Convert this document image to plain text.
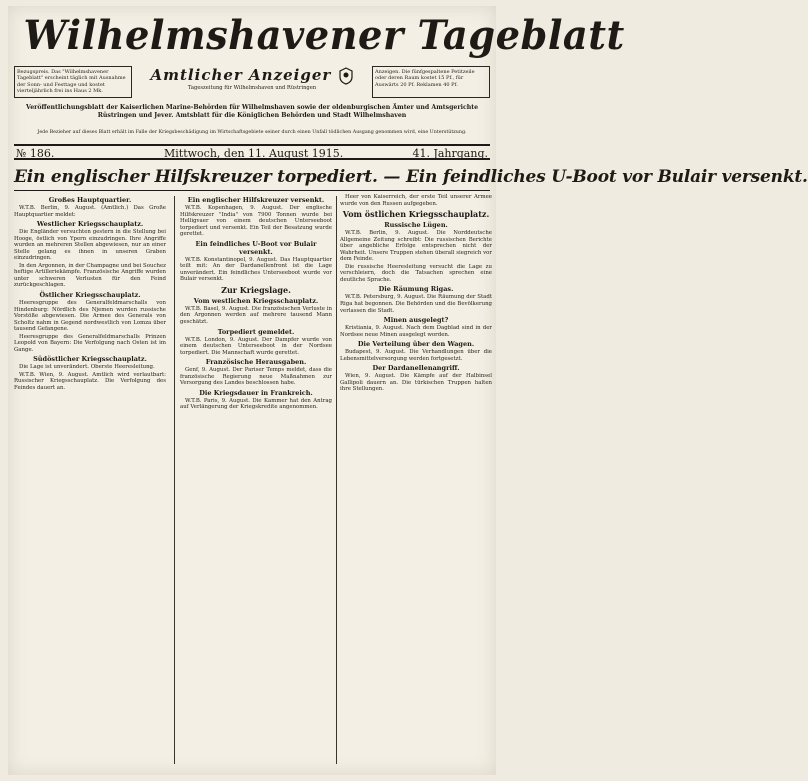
Wilhelmshavener Tageblatt
Bezugspreis. Das "Wilhelmshavener Tageblatt" erscheint täglich mit Ausnahme der Sonn- und Festtage und kostet vierteljährlich frei ins Haus 2 Mk.
Amtlicher Anzeiger
Tageszeitung für Wilhelmshaven und Rüstringen
Anzeigen. Die fünfgespaltene Petitzeile oder deren Raum kostet 15 Pf., für Auswärts 20 Pf. Reklamen 40 Pf.
Veröffentlichungsblatt der Kaiserlichen Marine-Behörden für Wilhelmshaven sowie der oldenburgischen Ämter und Amtsgerichte Rüstringen und Jever. Amtsblatt für die Königlichen Behörden und Stadt Wilhelmshaven
Jede Bezieher auf dieses Blatt erhält im Falle der Kriegsbeschädigung im Wirtschaftsgebiete seiner durch einen Unfall tödlichen Ausgang genommen wird, eine Unterstützung.
№ 186.	Mittwoch, den 11. August 1915.	41. Jahrgang.
Ein englischer Hilfskreuzer torpediert. — Ein feindliches U-Boot vor Bulair versenkt.

Großes Hauptquartier.

W.T.B. Berlin, 9. August. (Amtlich.) Das Große Hauptquartier meldet:

Westlicher Kriegsschauplatz.

Die Engländer versuchten gestern in die Stellung bei Hooge, östlich von Ypern einzudringen. Ihre Angriffe wurden an mehreren Stellen abgewiesen, nur an einer Stelle gelang es ihnen in unseren Graben einzudringen.

In den Argonnen, in der Champagne und bei Souchez heftige Artilleriekämpfe. Französische Angriffe wurden unter schweren Verlusten für den Feind zurückgeschlagen.

Östlicher Kriegsschauplatz.

Heeresgruppe des Generalfeldmarschalls von Hindenburg: Nördlich des Njemen wurden russische Vorstöße abgewiesen. Die Armee des Generals von Scholtz nahm in Gegend nordwestlich von Lomza über tausend Gefangene.

Heeresgruppe des Generalfeldmarschalls Prinzen Leopold von Bayern: Die Verfolgung nach Osten ist im Gange.

Südöstlicher Kriegsschauplatz.

Die Lage ist unverändert. Oberste Heeresleitung.

W.T.B. Wien, 9. August. Amtlich wird verlautbart: Russischer Kriegsschauplatz. Die Verfolgung des Feindes dauert an.

Ein englischer Hilfskreuzer versenkt.

W.T.B. Kopenhagen, 9. August. Der englische Hilfskreuzer "India" von 7900 Tonnen wurde bei Helligvaer von einem deutschen Unterseeboot torpediert und versenkt. Ein Teil der Besatzung wurde gerettet.

Ein feindliches U-Boot vor Bulair versenkt.

W.T.B. Konstantinopel, 9. August. Das Hauptquartier teilt mit: An der Dardanellenfront ist die Lage unverändert. Ein feindliches Unterseeboot wurde vor Bulair versenkt.

Zur Kriegslage.

Vom westlichen Kriegsschauplatz.

W.T.B. Basel, 9. August. Die französischen Verluste in den Argonnen werden auf mehrere tausend Mann geschätzt.

Torpediert gemeldet.

W.T.B. London, 9. August. Der Dampfer wurde von einem deutschen Unterseeboot in der Nordsee torpediert. Die Mannschaft wurde gerettet.

Französische Herausgaben.

Genf, 9. August. Der Pariser Temps meldet, dass die französische Regierung neue Maßnahmen zur Versorgung des Landes beschlossen habe.

Die Kriegsdauer in Frankreich.

W.T.B. Paris, 9. August. Die Kammer hat den Antrag auf Verlängerung der Kriegskredite angenommen.

Heer von Kaiserreich, der erste Teil unserer Armee wurde von den Russen aufgegeben.

Vom östlichen Kriegsschauplatz.

Russische Lügen.

W.T.B. Berlin, 9. August. Die Norddeutsche Allgemeine Zeitung schreibt: Die russischen Berichte über angebliche Erfolge entsprechen nicht der Wahrheit. Unsere Truppen stehen überall siegreich vor dem Feinde.

Die russische Heeresleitung versucht die Lage zu verschleiern, doch die Tatsachen sprechen eine deutliche Sprache.

Die Räumung Rigas.

W.T.B. Petersburg, 9. August. Die Räumung der Stadt Riga hat begonnen. Die Behörden und die Bevölkerung verlassen die Stadt.

Minen ausgelegt?

Kristiania, 9. August. Nach dem Dagblad sind in der Nordsee neue Minen ausgelegt worden.

Die Verteilung über den Wagen.

Budapest, 9. August. Die Verhandlungen über die Lebensmittelversorgung werden fortgesetzt.

Der Dardanellenangriff.

Wien, 9. August. Die Kämpfe auf der Halbinsel Gallipoli dauern an. Die türkischen Truppen halten ihre Stellungen.
